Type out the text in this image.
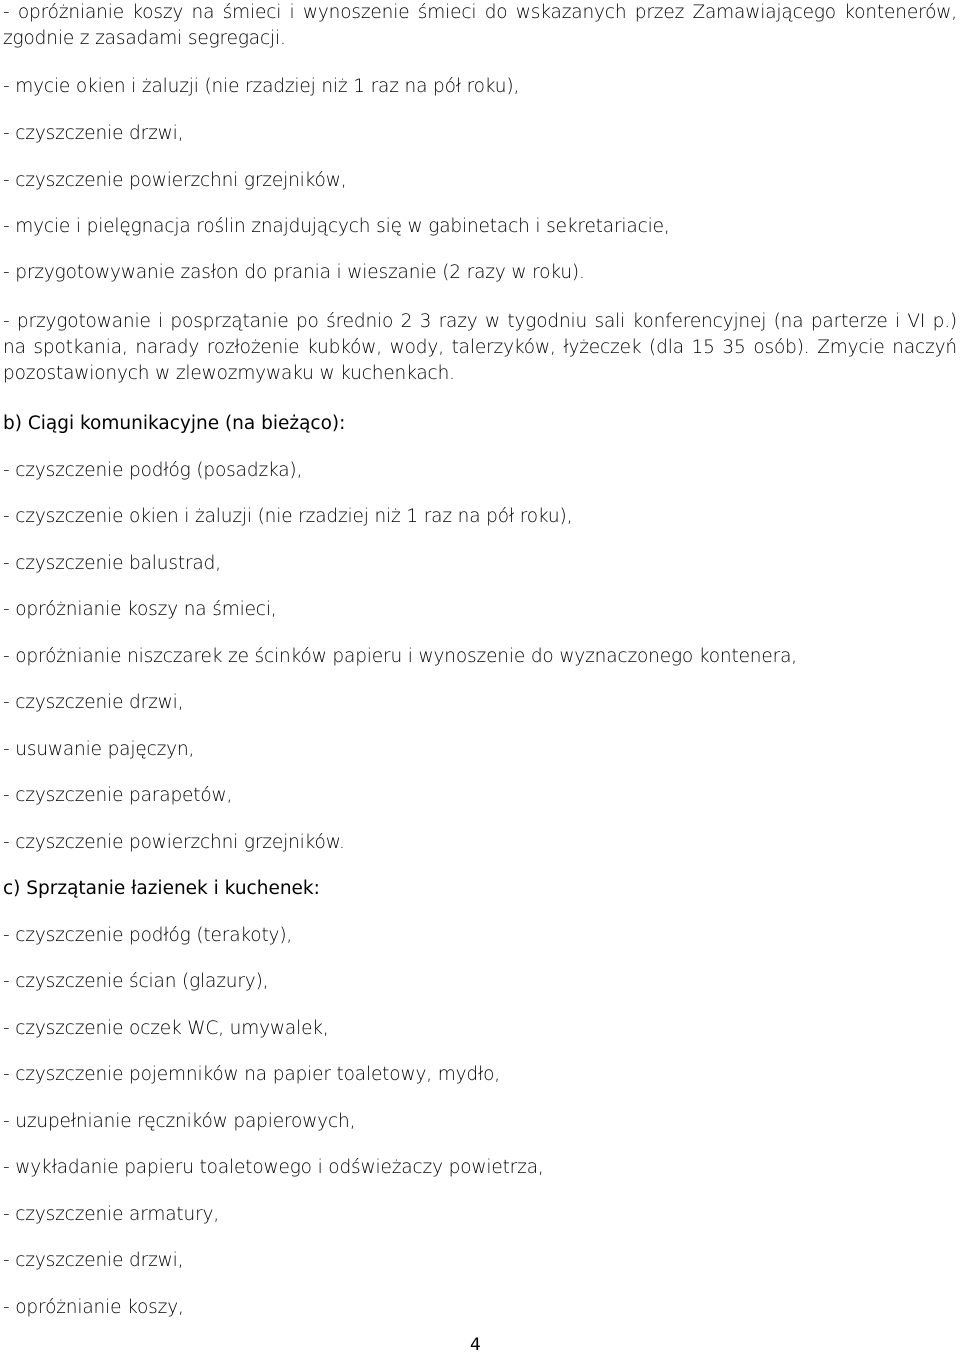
- opróżnianie koszy na śmieci i wynoszenie śmieci do wskazanych przez Zamawiającego kontenerów, zgodnie z zasadami segregacji.
- mycie okien i żaluzji (nie rzadziej niż 1 raz na pół roku),
- czyszczenie drzwi,
- czyszczenie powierzchni grzejników,
- mycie i pielęgnacja roślin znajdujących się w gabinetach i sekretariacie,
- przygotowywanie zasłon do prania i wieszanie (2 razy w roku).
- przygotowanie i posprzątanie po średnio 2 3 razy w tygodniu sali konferencyjnej (na parterze i VI p.) na spotkania, narady rozłożenie kubków, wody, talerzyków, łyżeczek (dla 15 35 osób). Zmycie naczyń pozostawionych w zlewozmywaku w kuchenkach.
b) Ciągi komunikacyjne (na bieżąco):
- czyszczenie podłóg (posadzka),
- czyszczenie okien i żaluzji (nie rzadziej niż 1 raz na pół roku),
- czyszczenie balustrad,
- opróżnianie koszy na śmieci,
- opróżnianie niszczarek ze ścinków papieru i wynoszenie do wyznaczonego kontenera,
- czyszczenie drzwi,
- usuwanie pajęczyn,
- czyszczenie parapetów,
- czyszczenie powierzchni grzejników.
c) Sprzątanie łazienek i kuchenek:
- czyszczenie podłóg (terakoty),
- czyszczenie ścian (glazury),
- czyszczenie oczek WC, umywalek,
- czyszczenie pojemników na papier toaletowy, mydło,
- uzupełnianie ręczników papierowych,
- wykładanie papieru toaletowego i odświeżaczy powietrza,
- czyszczenie armatury,
- czyszczenie drzwi,
- opróżnianie koszy,
4
